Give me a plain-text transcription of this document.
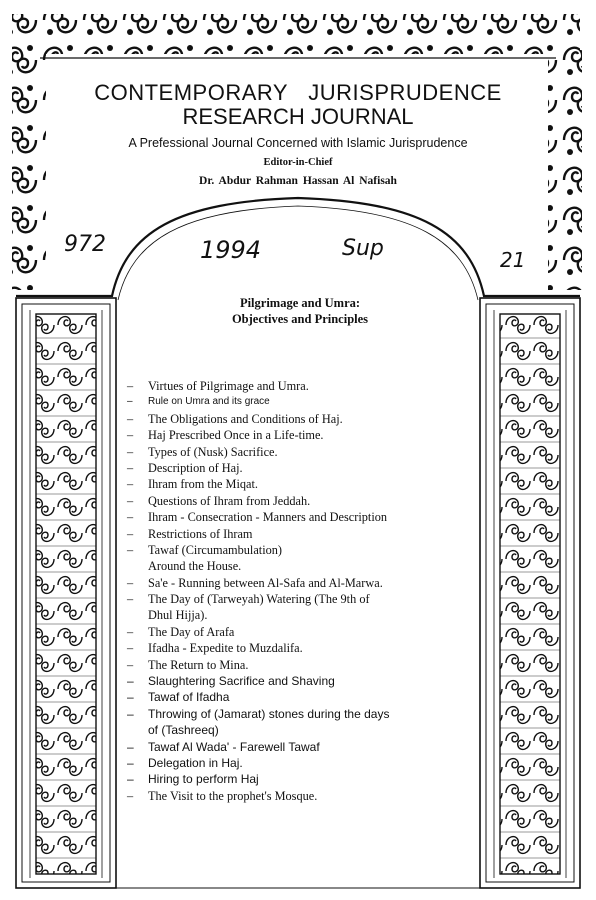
CONTEMPORARY JURISPRUDENCE
RESEARCH JOURNAL
A Prefessional Journal Concerned with Islamic Jurisprudence
Editor-in-Chief
Dr. Abdur Rahman Hassan Al Nafisah
972	1994	Sup	21
Pilgrimage and Umra:
Objectives and Principles
– Virtues of Pilgrimage and Umra.
– Rule on Umra and its grace
– The Obligations and Conditions of Haj.
– Haj Prescribed Once in a Life-time.
– Types of (Nusk) Sacrifice.
– Description of Haj.
– Ihram from the Miqat.
– Questions of Ihram from Jeddah.
– Ihram - Consecration - Manners and Description
– Restrictions of Ihram
– Tawaf (Circumambulation)
Around the House.
– Sa'e - Running between Al-Safa and Al-Marwa.
– The Day of (Tarweyah) Watering (The 9th of
Dhul Hijja).
– The Day of Arafa
– Ifadha - Expedite to Muzdalifa.
– The Return to Mina.
– Slaughtering Sacrifice and Shaving
– Tawaf of Ifadha
– Throwing of (Jamarat) stones during the days
of (Tashreeq)
– Tawaf Al Wada' - Farewell Tawaf
– Delegation in Haj.
– Hiring to perform Haj
– The Visit to the prophet's Mosque.
